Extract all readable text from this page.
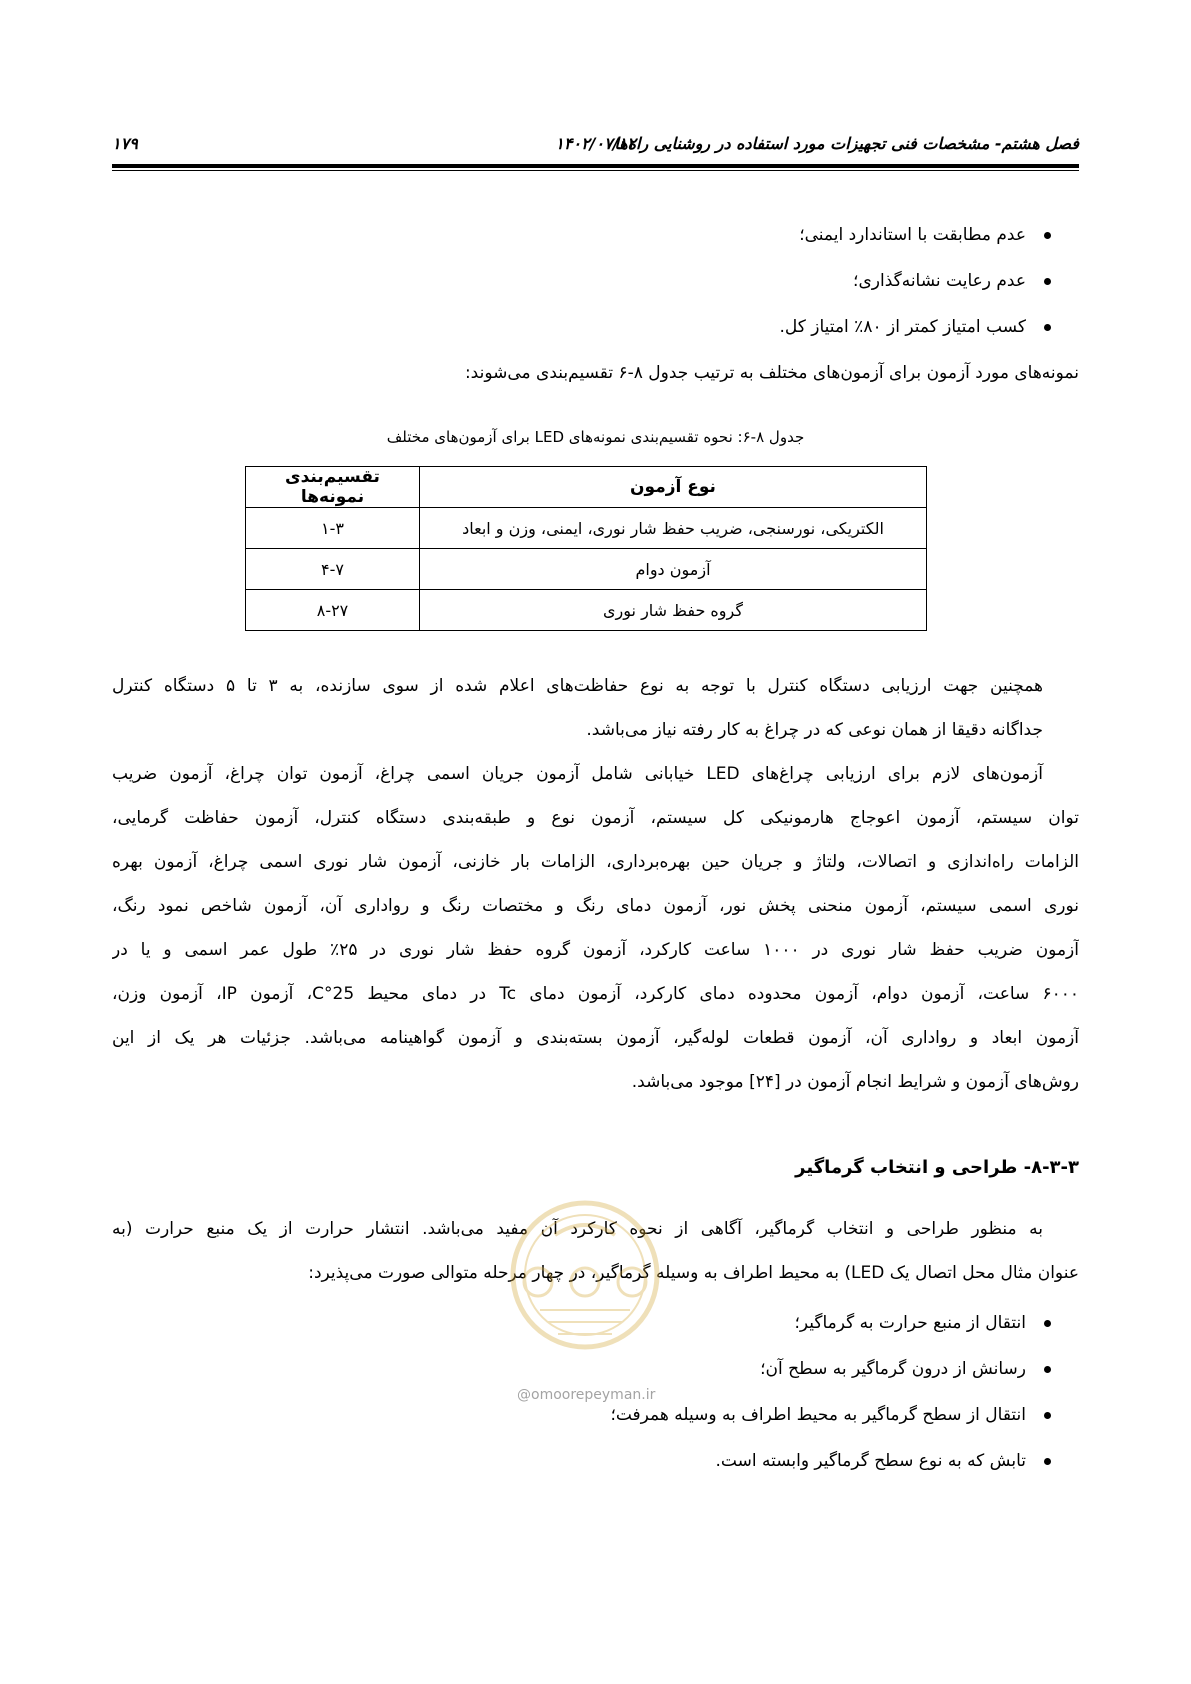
۱۷۹	۱۴۰۲/۰۷/۱۲
فصل هشتم- مشخصات فنی تجهیزات مورد استفاده در روشنایی راه‌ها
عدم مطابقت با استاندارد ایمنی؛
عدم رعایت نشانه‌گذاری؛
کسب امتیاز کمتر از ۸۰٪ امتیاز کل.
نمونه‌های مورد آزمون برای آزمون‌های مختلف به ترتیب جدول ۸-۶ تقسیم‌بندی می‌شوند:
جدول ۸-۶: نحوه تقسیم‌بندی نمونه‌های LED برای آزمون‌های مختلف
نوع آزمون	تقسیم‌بندی نمونه‌ها
الکتریکی، نورسنجی، ضریب حفظ شار نوری، ایمنی، وزن و ابعاد	۱-۳
آزمون دوام	۴-۷
گروه حفظ شار نوری	۸-۲۷
همچنین جهت ارزیابی دستگاه کنترل با توجه به نوع حفاظت‌های اعلام شده از سوی سازنده، به ۳ تا ۵ دستگاه کنترل
جداگانه دقیقا از همان نوعی که در چراغ به کار رفته نیاز می‌باشد.
آزمون‌های لازم برای ارزیابی چراغ‌های LED خیابانی شامل آزمون جریان اسمی چراغ، آزمون توان چراغ، آزمون ضریب
توان سیستم، آزمون اعوجاج هارمونیکی کل سیستم، آزمون نوع و طبقه‌بندی دستگاه کنترل، آزمون حفاظت گرمایی،
الزامات راه‌اندازی و اتصالات، ولتاژ و جریان حین بهره‌برداری، الزامات بار خازنی، آزمون شار نوری اسمی چراغ، آزمون بهره
نوری اسمی سیستم، آزمون منحنی پخش نور، آزمون دمای رنگ و مختصات رنگ و رواداری آن، آزمون شاخص نمود رنگ،
آزمون ضریب حفظ شار نوری در ۱۰۰۰ ساعت کارکرد، آزمون گروه حفظ شار نوری در ۲۵٪ طول عمر اسمی و یا در
۶۰۰۰ ساعت، آزمون دوام، آزمون محدوده دمای کارکرد، آزمون دمای Tc در دمای محیط 25°C، آزمون IP، آزمون وزن،
آزمون ابعاد و رواداری آن، آزمون قطعات لوله‌گیر، آزمون بسته‌بندی و آزمون گواهینامه می‌باشد. جزئیات هر یک از این
روش‌های آزمون و شرایط انجام آزمون در [۲۴] موجود می‌باشد.
۸-۳-۳- طراحی و انتخاب گرماگیر
به منظور طراحی و انتخاب گرماگیر، آگاهی از نحوه کارکرد آن مفید می‌باشد. انتشار حرارت از یک منبع حرارت (به
عنوان مثال محل اتصال یک LED) به محیط اطراف به وسیله گرماگیر، در چهار مرحله متوالی صورت می‌پذیرد:
انتقال از منبع حرارت به گرماگیر؛
رسانش از درون گرماگیر به سطح آن؛
انتقال از سطح گرماگیر به محیط اطراف به وسیله همرفت؛
تابش که به نوع سطح گرماگیر وابسته است.
@omoorepeyman.ir
